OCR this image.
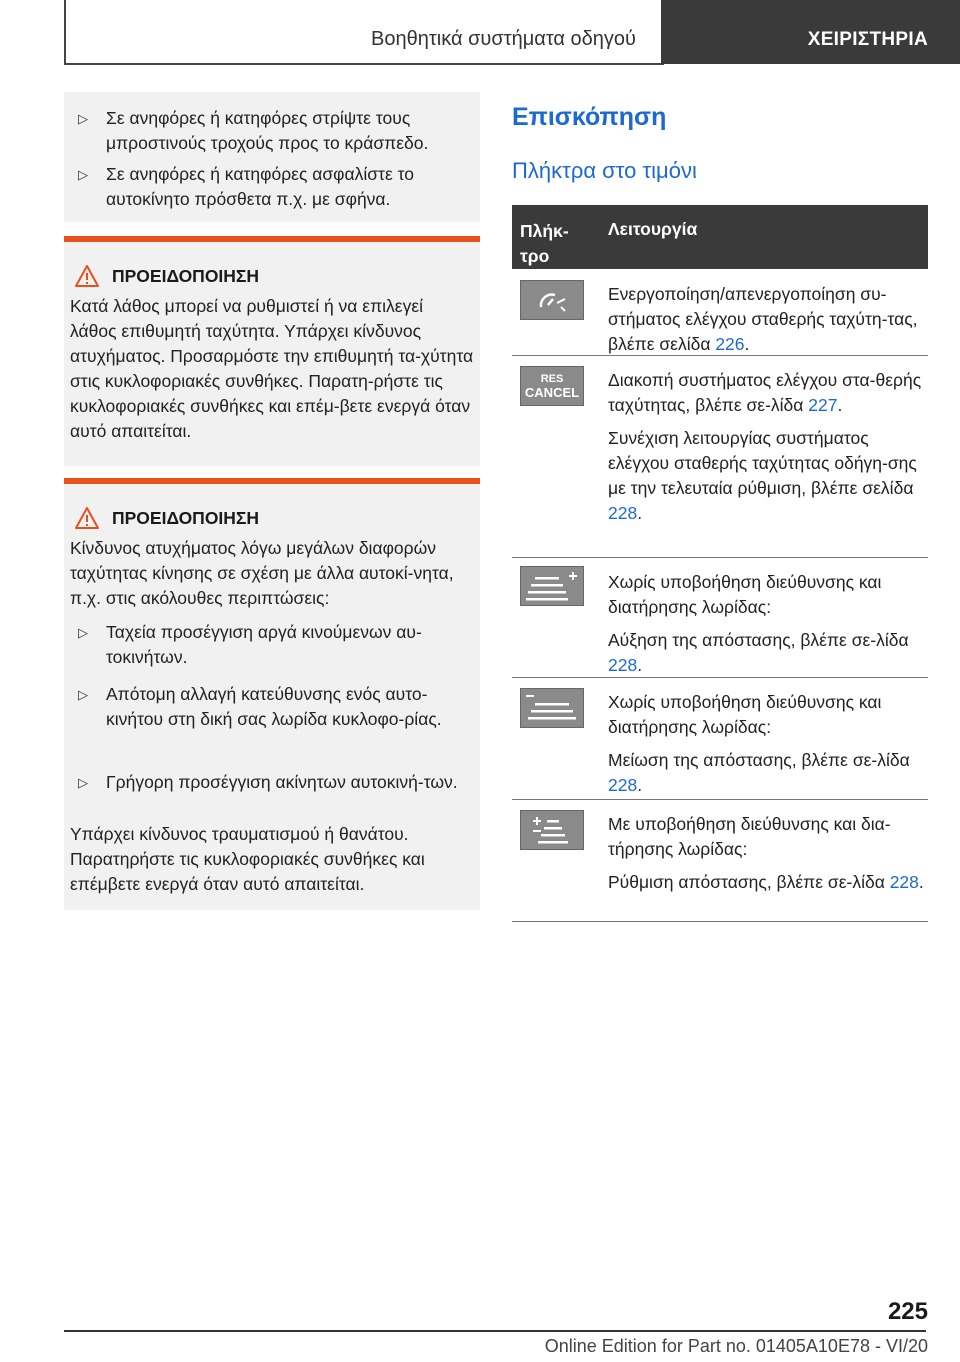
Βοηθητικά συστήματα οδηγού	ΧΕΙΡΙΣΤΗΡΙΑ
▷ Σε ανηφόρες ή κατηφόρες στρίψτε τους μπροστινούς τροχούς προς το κράσπεδο.
▷ Σε ανηφόρες ή κατηφόρες ασφαλίστε το αυτοκίνητο πρόσθετα π.χ. με σφήνα.
ΠΡΟΕΙΔΟΠΟΙΗΣΗ
Κατά λάθος μπορεί να ρυθμιστεί ή να επιλεγεί λάθος επιθυμητή ταχύτητα. Υπάρχει κίνδυνος ατυχήματος. Προσαρμόστε την επιθυμητή τα-χύτητα στις κυκλοφοριακές συνθήκες. Παρατη-ρήστε τις κυκλοφοριακές συνθήκες και επέμ-βετε ενεργά όταν αυτό απαιτείται.
ΠΡΟΕΙΔΟΠΟΙΗΣΗ
Κίνδυνος ατυχήματος λόγω μεγάλων διαφορών ταχύτητας κίνησης σε σχέση με άλλα αυτοκί-νητα, π.χ. στις ακόλουθες περιπτώσεις:
▷ Ταχεία προσέγγιση αργά κινούμενων αυ-τοκινήτων.
▷ Απότομη αλλαγή κατεύθυνσης ενός αυτο-κινήτου στη δική σας λωρίδα κυκλοφο-ρίας.
▷ Γρήγορη προσέγγιση ακίνητων αυτοκινή-των.
Υπάρχει κίνδυνος τραυματισμού ή θανάτου. Παρατηρήστε τις κυκλοφοριακές συνθήκες και επέμβετε ενεργά όταν αυτό απαιτείται.
Επισκόπηση
Πλήκτρα στο τιμόνι
Πλήκ-τρο
Λειτουργία

Ενεργοποίηση/απενεργοποίηση συ-στήματος ελέγχου σταθερής ταχύτη-τας, βλέπε σελίδα 226.

RES
CANCEL

Διακοπή συστήματος ελέγχου στα-θερής ταχύτητας, βλέπε σε-λίδα 227.

Συνέχιση λειτουργίας συστήματος ελέγχου σταθερής ταχύτητας οδήγη-σης με την τελευταία ρύθμιση, βλέπε σελίδα 228.

Χωρίς υποβοήθηση διεύθυνσης και διατήρησης λωρίδας:

Αύξηση της απόστασης, βλέπε σε-λίδα 228.

Χωρίς υποβοήθηση διεύθυνσης και διατήρησης λωρίδας:

Μείωση της απόστασης, βλέπε σε-λίδα 228.

Με υποβοήθηση διεύθυνσης και δια-τήρησης λωρίδας:

Ρύθμιση απόστασης, βλέπε σε-λίδα 228.

225
Online Edition for Part no. 01405A10E78 - VI/20
